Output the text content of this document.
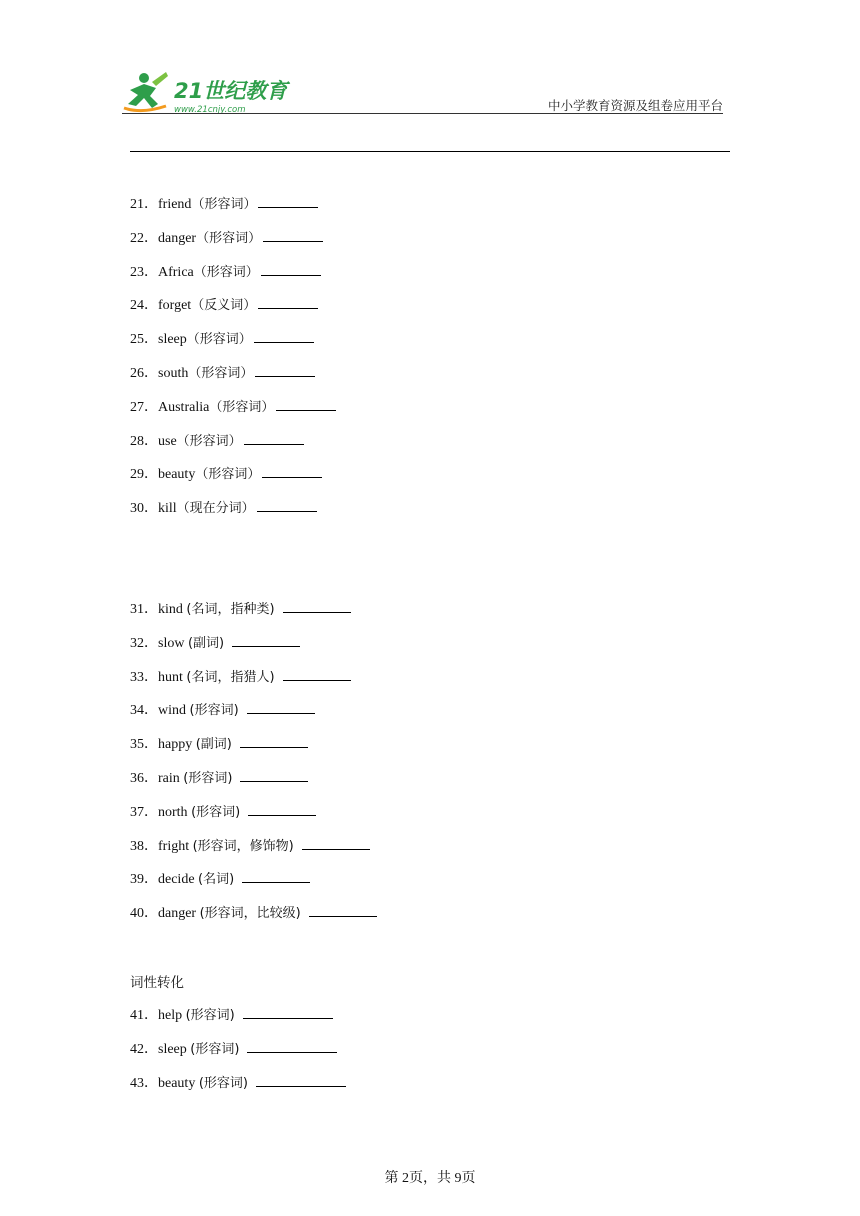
21世纪教育
www.21cnjy.com	中小学教育资源及组卷应用平台
21．friend（形容词）
22．danger（形容词）
23．Africa（形容词）
24．forget（反义词）
25．sleep（形容词）
26．south（形容词）
27．Australia（形容词）
28．use（形容词）
29．beauty（形容词）
30．kill（现在分词）
31．kind (名词，指种类)
32．slow (副词)
33．hunt (名词，指猎人)
34．wind (形容词)
35．happy (副词)
36．rain (形容词)
37．north (形容词)
38．fright (形容词，修饰物)
39．decide (名词)
40．danger (形容词，比较级)
词性转化
41．help (形容词)
42．sleep (形容词)
43．beauty (形容词)
第 2页，共 9页
